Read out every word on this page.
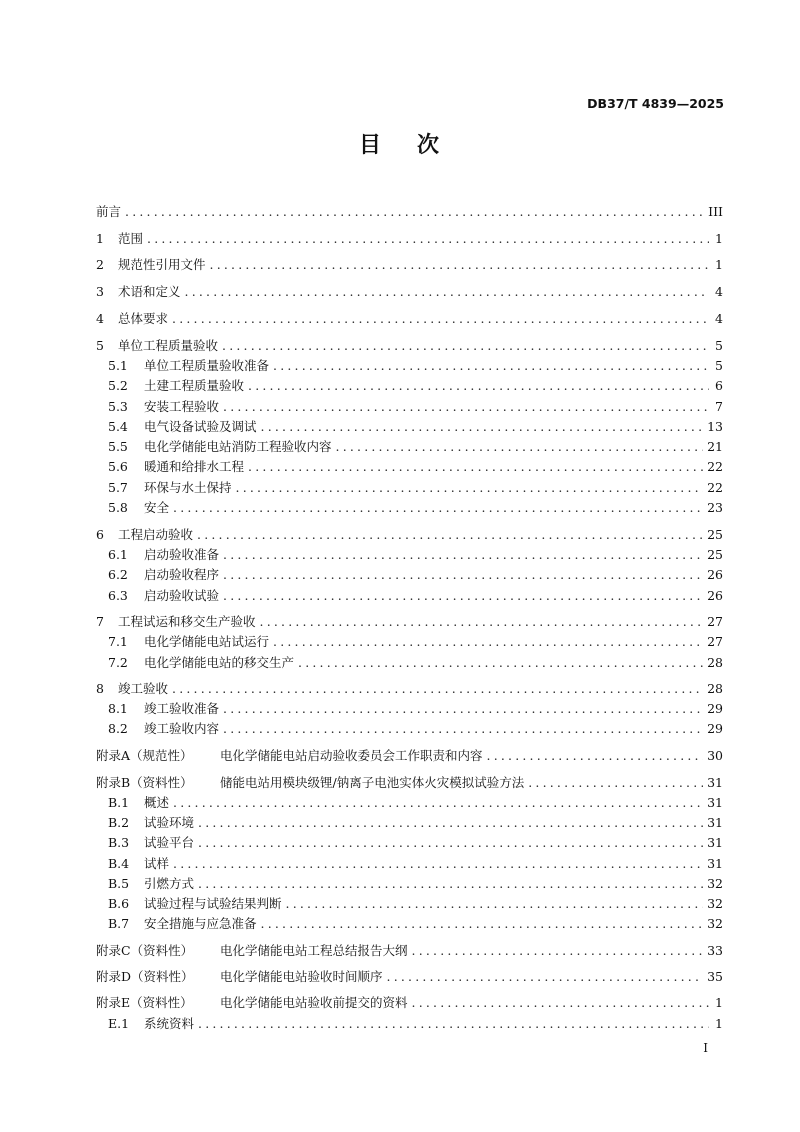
DB37/T 4839—2025
目 次
前言 .....	III
1 范围 .....	1
2 规范性引用文件 .....	1
3 术语和定义 .....	4
4 总体要求 .....	4
5 单位工程质量验收 .....	5
5.1 单位工程质量验收准备 .....	5
5.2 土建工程质量验收 .....	6
5.3 安装工程验收 .....	7
5.4 电气设备试验及调试 .....	13
5.5 电化学储能电站消防工程验收内容 .....	21
5.6 暖通和给排水工程 .....	22
5.7 环保与水土保持 .....	22
5.8 安全 .....	23
6 工程启动验收 .....	25
6.1 启动验收准备 .....	25
6.2 启动验收程序 .....	26
6.3 启动验收试验 .....	26
7 工程试运和移交生产验收 .....	27
7.1 电化学储能电站试运行 .....	27
7.2 电化学储能电站的移交生产 .....	28
8 竣工验收 .....	28
8.1 竣工验收准备 .....	29
8.2 竣工验收内容 .....	29
附录A（规范性） 电化学储能电站启动验收委员会工作职责和内容 .....	30
附录B（资料性） 储能电站用模块级锂/钠离子电池实体火灾模拟试验方法 .....	31
B.1 概述 .....	31
B.2 试验环境 .....	31
B.3 试验平台 .....	31
B.4 试样 .....	31
B.5 引燃方式 .....	32
B.6 试验过程与试验结果判断 .....	32
B.7 安全措施与应急准备 .....	32
附录C（资料性） 电化学储能电站工程总结报告大纲 .....	33
附录D（资料性） 电化学储能电站验收时间顺序 .....	35
附录E（资料性） 电化学储能电站验收前提交的资料 .....	1
E.1 系统资料 .....	1
I
